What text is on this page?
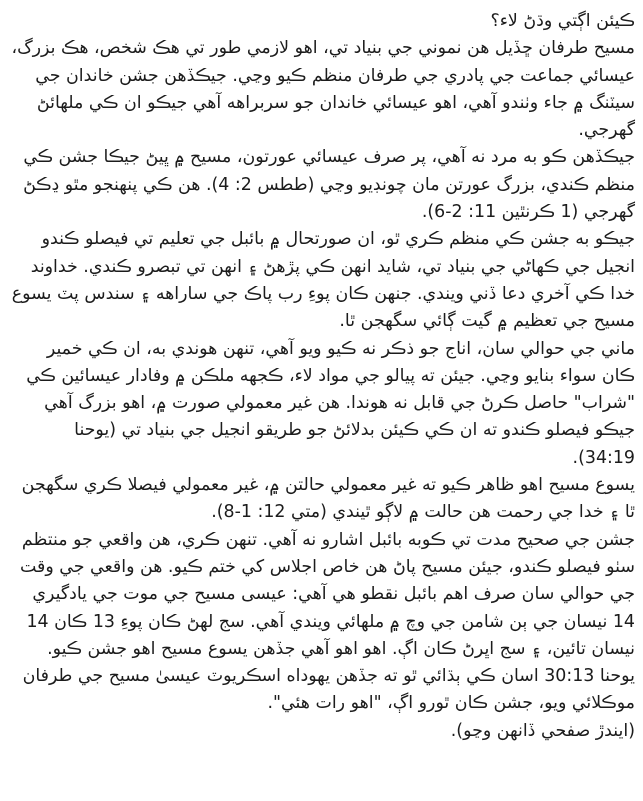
ڪيئن اڳتي وڌڻ لاء؟

مسيح طرفان ڇڏيل هن نموني جي بنياد تي، اهو لازمي طور تي هڪ شخص، هڪ بزرگ، عيسائي جماعت جي پادري جي طرفان منظم ڪيو وڃي. جيڪڏهن جشن خاندان جي سيٽنگ ۾ جاء وٺندو آهي، اهو عيسائي خاندان جو سربراهه آهي جيڪو ان ڪي ملهائڻ گهرجي.

جيڪڏهن ڪو به مرد نه آهي، پر صرف عيسائي عورتون، مسيح ۾ ڀيڻ جيڪا جشن ڪي منظم ڪندي، بزرگ عورتن مان چونڊيو وڃي (ططس 2: 4). هن ڪي پنهنجو مٿو ڍڪڻ گهرجي (1 ڪرنٿين 11: 2-6).

جيڪو به جشن ڪي منظم ڪري ٿو، ان صورتحال ۾ بائبل جي تعليم تي فيصلو ڪندو انجيل جي ڪهاڻي جي بنياد تي، شايد انهن ڪي پڙهڻ ۽ انهن تي تبصرو ڪندي. خداوند خدا ڪي آخري دعا ڏني ويندي. جنهن ڪان پوءِ رب پاڪ جي ساراهه ۽ سندس پٽ يسوع مسيح جي تعظيم ۾ گيت ڳائي سگهجن ٿا.

ماني جي حوالي سان، اناج جو ذڪر نه ڪيو ويو آهي، تنهن هوندي به، ان ڪي خمير ڪان سواء بنايو وڃي. جيئن ته پيالو جي مواد لاء، ڪجهه ملڪن ۾ وفادار عيسائين ڪي "شراب" حاصل ڪرڻ جي قابل نه هوندا. هن غير معمولي صورت ۾، اهو بزرگ آهي جيڪو فيصلو ڪندو ته ان ڪي ڪيئن بدلائڻ جو طريقو انجيل جي بنياد تي (يوحنا 34:19).

يسوع مسيح اهو ظاهر ڪيو ته غير معمولي حالتن ۾، غير معمولي فيصلا ڪري سگهجن ٿا ۽ خدا جي رحمت هن حالت ۾ لاڳو ٿيندي (متي 12: 1-8).

جشن جي صحيح مدت تي ڪوبه بائبل اشارو نه آهي. تنهن ڪري، هن واقعي جو منتظم سٺو فيصلو ڪندو، جيئن مسيح پاڻ هن خاص اجلاس کي ختم ڪيو. هن واقعي جي وقت جي حوالي سان صرف اهم بائبل نقطو هي آهي: عيسى مسيح جي موت جي يادگيري 14 نيسان جي ٻن شامن جي وچ ۾ ملهائي ويندي آهي. سج لهڻ ڪان پوءِ 13 ڪان 14 نيسان تائين، ۽ سج اڀرڻ ڪان اڳ. اهو اهو آهي جڏهن يسوع مسيح اهو جشن ڪيو. يوحنا 30:13 اسان ڪي ٻڌائي ٿو ته جڏهن يهوداه اسڪريوٽ عيسىٰ مسيح جي طرفان موڪلائي ويو، جشن ڪان ٿورو اڳ، "اهو رات هئي".

(ايندڙ صفحي ڏانهن وڃو).
